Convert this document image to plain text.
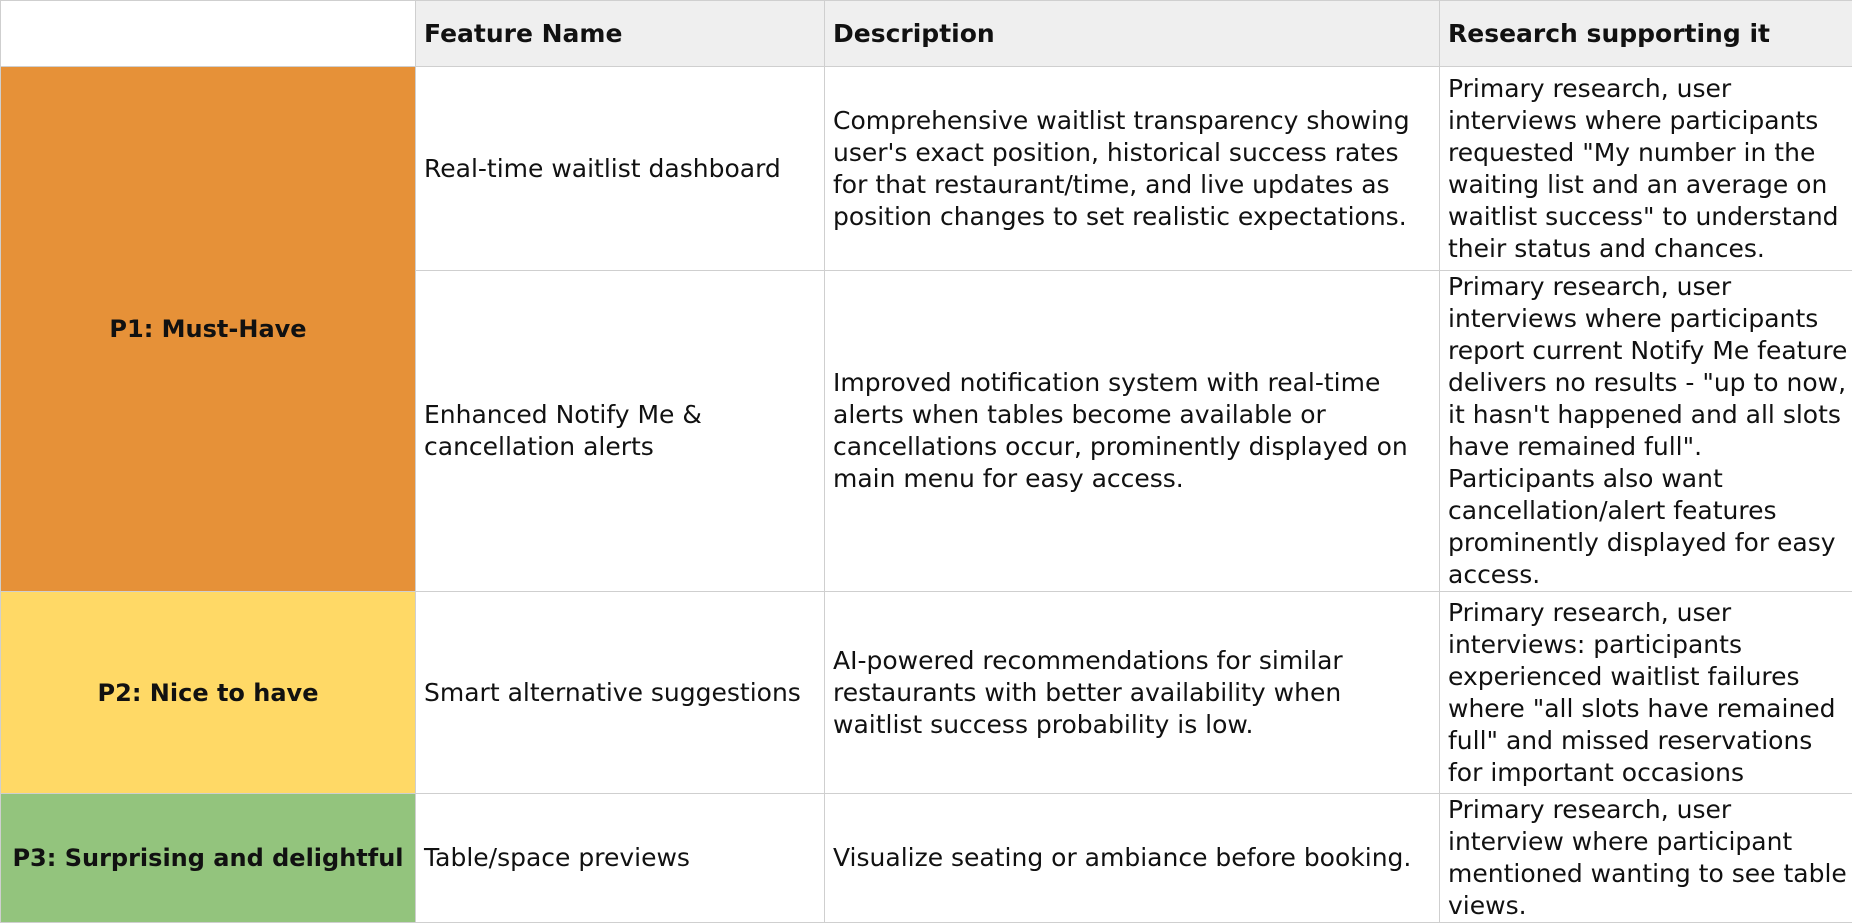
	Feature Name	Description	Research supporting it
P1: Must-Have	Real-time waitlist dashboard	Comprehensive waitlist transparency showing user's exact position, historical success rates for that restaurant/time, and live updates as position changes to set realistic expectations.	Primary research, user interviews where participants requested "My number in the waiting list and an average on waitlist success" to understand their status and chances.
	Enhanced Notify Me & cancellation alerts	Improved notification system with real-time alerts when tables become available or cancellations occur, prominently displayed on main menu for easy access.	Primary research, user interviews where participants report current Notify Me feature delivers no results - "up to now, it hasn't happened and all slots have remained full". Participants also want cancellation/alert features prominently displayed for easy access.
P2: Nice to have	Smart alternative suggestions	AI-powered recommendations for similar restaurants with better availability when waitlist success probability is low.	Primary research, user interviews: participants experienced waitlist failures where "all slots have remained full" and missed reservations for important occasions
P3: Surprising and delightful	Table/space previews	Visualize seating or ambiance before booking.	Primary research, user interview where participant mentioned wanting to see table views.
